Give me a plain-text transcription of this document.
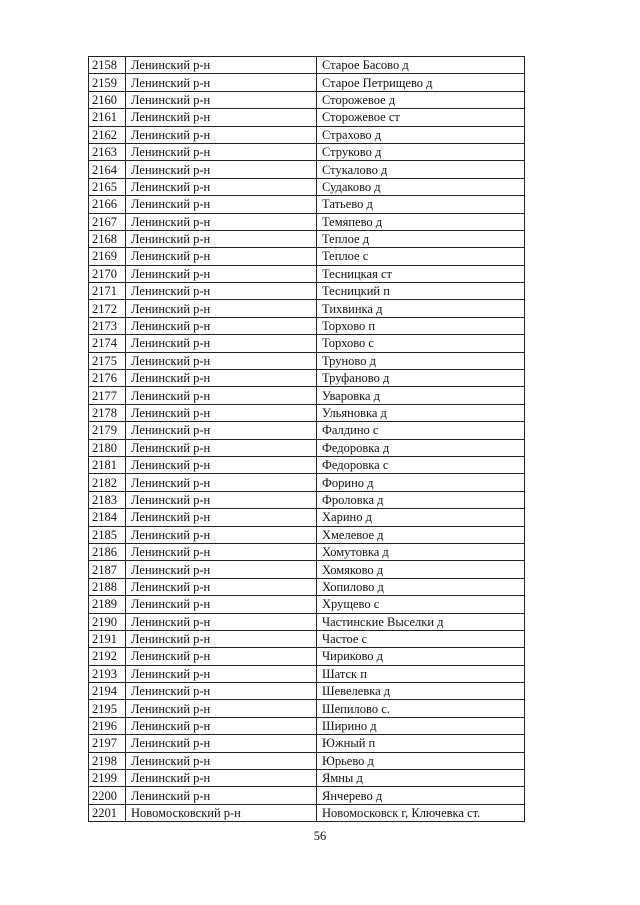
2158	Ленинский р-н	Старое Басово д
2159	Ленинский р-н	Старое Петрищево д
2160	Ленинский р-н	Сторожевое д
2161	Ленинский р-н	Сторожевое ст
2162	Ленинский р-н	Страхово д
2163	Ленинский р-н	Струково д
2164	Ленинский р-н	Стукалово д
2165	Ленинский р-н	Судаково д
2166	Ленинский р-н	Татьево д
2167	Ленинский р-н	Темяпево д
2168	Ленинский р-н	Теплое д
2169	Ленинский р-н	Теплое с
2170	Ленинский р-н	Тесницкая ст
2171	Ленинский р-н	Тесницкий п
2172	Ленинский р-н	Тихвинка д
2173	Ленинский р-н	Торхово п
2174	Ленинский р-н	Торхово с
2175	Ленинский р-н	Труново д
2176	Ленинский р-н	Труфаново д
2177	Ленинский р-н	Уваровка д
2178	Ленинский р-н	Ульяновка д
2179	Ленинский р-н	Фалдино с
2180	Ленинский р-н	Федоровка д
2181	Ленинский р-н	Федоровка с
2182	Ленинский р-н	Форино д
2183	Ленинский р-н	Фроловка д
2184	Ленинский р-н	Харино д
2185	Ленинский р-н	Хмелевое д
2186	Ленинский р-н	Хомутовка д
2187	Ленинский р-н	Хомяково д
2188	Ленинский р-н	Хопилово д
2189	Ленинский р-н	Хрущево с
2190	Ленинский р-н	Частинские Выселки д
2191	Ленинский р-н	Частое с
2192	Ленинский р-н	Чириково д
2193	Ленинский р-н	Шатск п
2194	Ленинский р-н	Шевелевка д
2195	Ленинский р-н	Шепилово с.
2196	Ленинский р-н	Ширино д
2197	Ленинский р-н	Южный п
2198	Ленинский р-н	Юрьево д
2199	Ленинский р-н	Ямны д
2200	Ленинский р-н	Янчерево д
2201	Новомосковский р-н	Новомосковск г, Ключевка ст.
56
